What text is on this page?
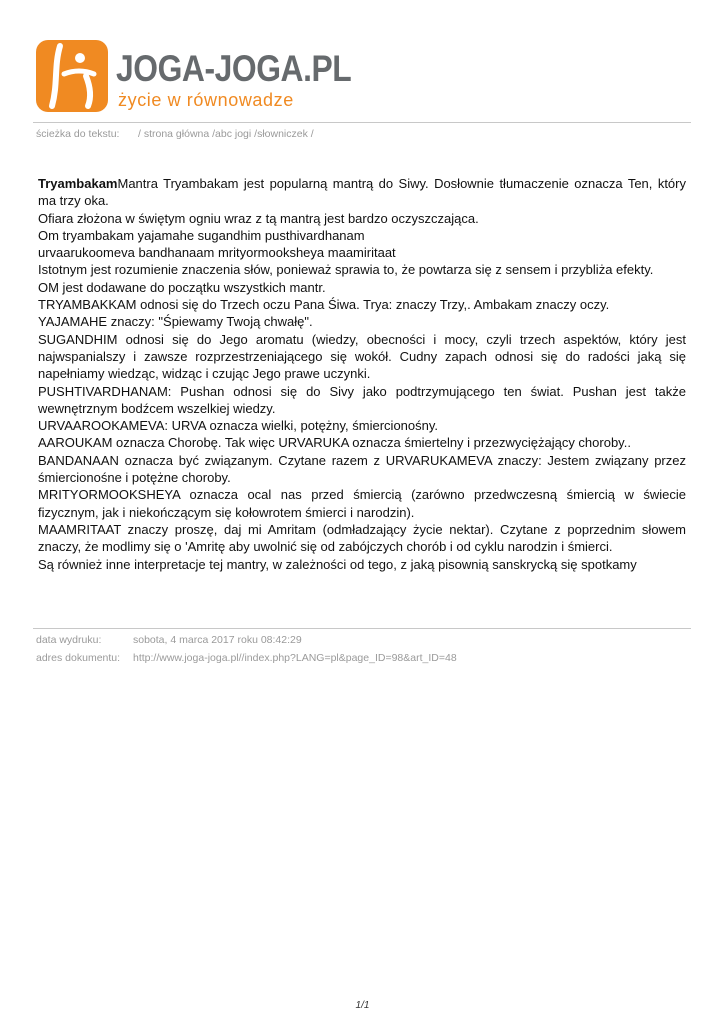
JOGA-JOGA.PL
życie w równowadze
ścieżka do tekstu: / strona główna /abc jogi /słowniczek /

TryambakamMantra Tryambakam jest popularną mantrą do Siwy. Dosłownie tłumaczenie oznacza Ten, który ma trzy oka.

Ofiara złożona w świętym ogniu wraz z tą mantrą jest bardzo oczyszczająca.

Om tryambakam yajamahe sugandhim pusthivardhanam

urvaarukoomeva bandhanaam mrityormooksheya maamiritaat

Istotnym jest rozumienie znaczenia słów, ponieważ sprawia to, że powtarza się z sensem i przybliża efekty.

OM jest dodawane do początku wszystkich mantr.

TRYAMBAKKAM odnosi się do Trzech oczu Pana Śiwa. Trya: znaczy Trzy,. Ambakam znaczy oczy.

YAJAMAHE znaczy: "Śpiewamy Twoją chwałę".

SUGANDHIM odnosi się do Jego aromatu (wiedzy, obecności i mocy, czyli trzech aspektów, który jest najwspanialszy i zawsze rozprzestrzeniającego się wokół. Cudny zapach odnosi się do radości jaką się napełniamy wiedząc, widząc i czując Jego prawe uczynki.

PUSHTIVARDHANAM: Pushan odnosi się do Sivy jako podtrzymującego ten świat. Pushan jest także wewnętrznym bodźcem wszelkiej wiedzy.

URVAAROOKAMEVA: URVA oznacza wielki, potężny, śmiercionośny.

AAROUKAM oznacza Chorobę. Tak więc URVARUKA oznacza śmiertelny i przezwyciężający choroby..

BANDANAAN oznacza być związanym. Czytane razem z URVARUKAMEVA znaczy: Jestem związany przez śmiercionośne i potężne choroby.

MRITYORMOOKSHEYA oznacza ocal nas przed śmiercią (zarówno przedwczesną śmiercią w świecie fizycznym, jak i niekończącym się kołowrotem śmierci i narodzin).

MAAMRITAAT znaczy proszę, daj mi Amritam (odmładzający życie nektar). Czytane z poprzednim słowem znaczy, że modlimy się o 'Amritę aby uwolnić się od zabójczych chorób i od cyklu narodzin i śmierci.

Są również inne interpretacje tej mantry, w zależności od tego, z jaką pisownią sanskrycką się spotkamy

data wydruku:	sobota, 4 marca 2017 roku 08:42:29
adres dokumentu: http://www.joga-joga.pl//index.php?LANG=pl&page_ID=98&art_ID=48
1/1
